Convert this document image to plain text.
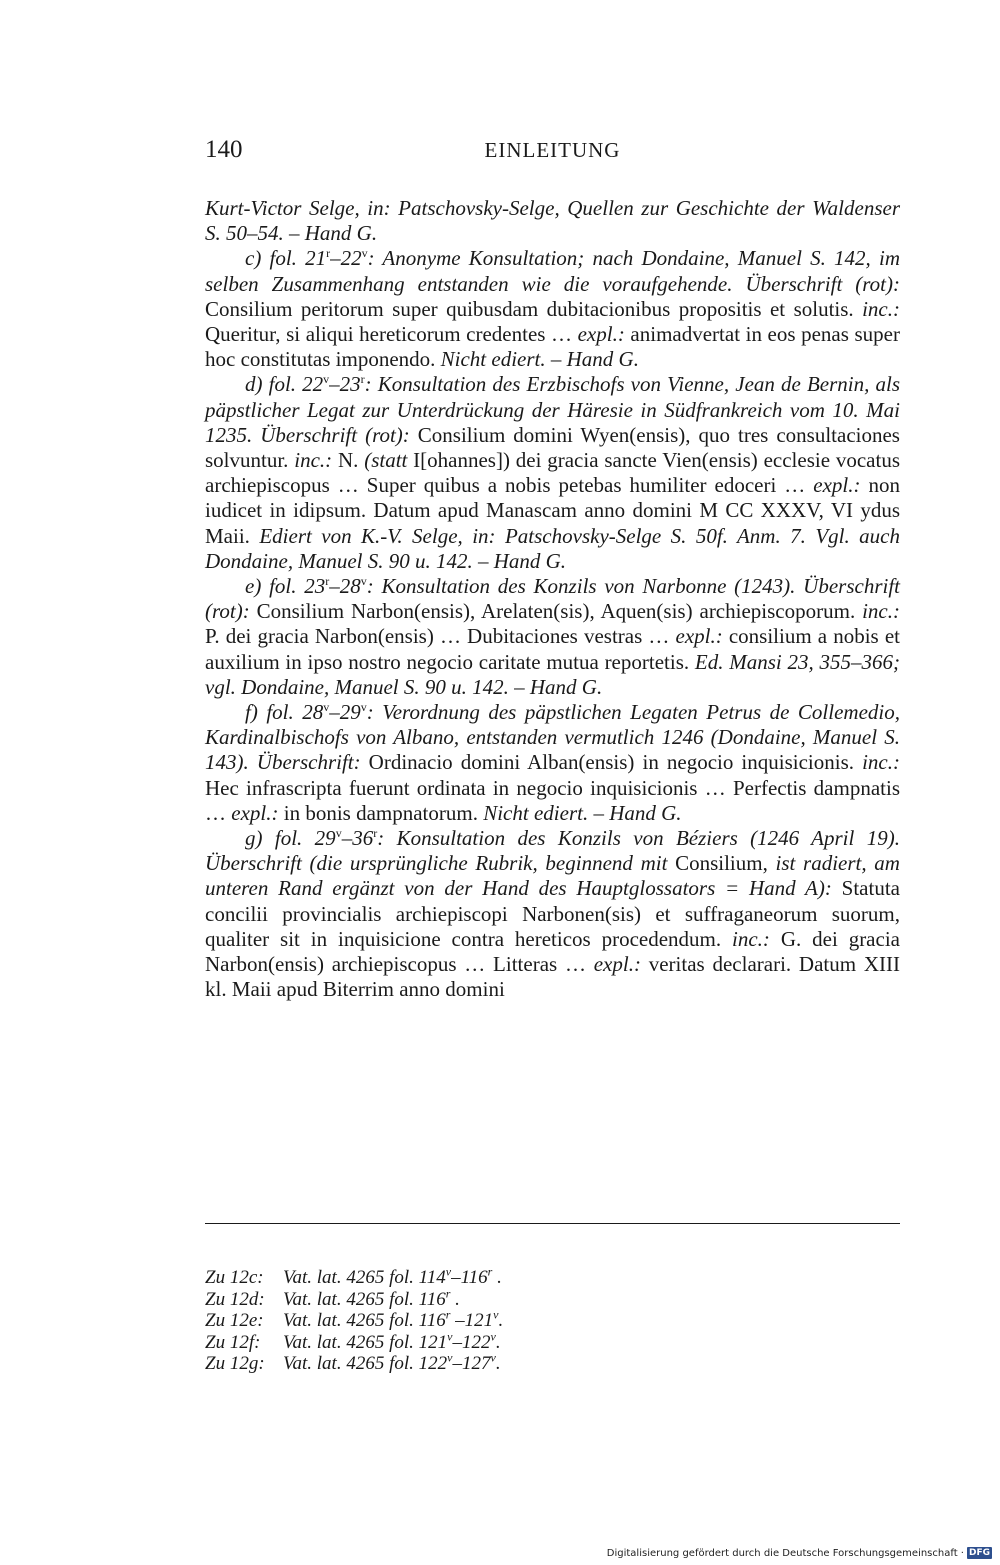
140	EINLEITUNG

Kurt-Victor Selge, in: Patschovsky-Selge, Quellen zur Geschichte der Waldenser S. 50–54. – Hand G.

c) fol. 21$^r$–22$^v$: Anonyme Konsultation; nach Dondaine, Manuel S. 142, im selben Zusammenhang entstanden wie die voraufgehende. Überschrift (rot): Consilium peritorum super quibusdam dubitacionibus propositis et solutis. inc.: Queritur, si aliqui hereticorum credentes … expl.: animadvertat in eos penas super hoc constitutas imponendo. Nicht ediert. – Hand G.

d) fol. 22$^v$–23$^r$: Konsultation des Erzbischofs von Vienne, Jean de Bernin, als päpstlicher Legat zur Unterdrückung der Häresie in Südfrankreich vom 10. Mai 1235. Überschrift (rot): Consilium domini Wyen(ensis), quo tres consultaciones solvuntur. inc.: N. (statt I[ohannes]) dei gracia sancte Vien(ensis) ecclesie vocatus archiepiscopus … Super quibus a nobis petebas humiliter edoceri … expl.: non iudicet in idipsum. Datum apud Manascam anno domini M CC XXXV, VI ydus Maii. Ediert von K.-V. Selge, in: Patschovsky-Selge S. 50f. Anm. 7. Vgl. auch Dondaine, Manuel S. 90 u. 142. – Hand G.

e) fol. 23$^r$–28$^v$: Konsultation des Konzils von Narbonne (1243). Überschrift (rot): Consilium Narbon(ensis), Arelaten(sis), Aquen(sis) archiepiscoporum. inc.: P. dei gracia Narbon(ensis) … Dubitaciones vestras … expl.: consilium a nobis et auxilium in ipso nostro negocio caritate mutua reportetis. Ed. Mansi 23, 355–366; vgl. Dondaine, Manuel S. 90 u. 142. – Hand G.

f) fol. 28$^v$–29$^v$: Verordnung des päpstlichen Legaten Petrus de Collemedio, Kardinalbischofs von Albano, entstanden vermutlich 1246 (Dondaine, Manuel S. 143). Überschrift: Ordinacio domini Alban(ensis) in negocio inquisicionis. inc.: Hec infrascripta fuerunt ordinata in negocio inquisicionis … Perfectis dampnatis … expl.: in bonis dampnatorum. Nicht ediert. – Hand G.

g) fol. 29$^v$–36$^r$: Konsultation des Konzils von Béziers (1246 April 19). Überschrift (die ursprüngliche Rubrik, beginnend mit Consilium, ist radiert, am unteren Rand ergänzt von der Hand des Hauptglossators = Hand A): Statuta concilii provincialis archiepiscopi Narbonen(sis) et suffraganeorum suorum, qualiter sit in inquisicione contra hereticos procedendum. inc.: G. dei gracia Narbon(ensis) archiepiscopus … Litteras … expl.: veritas declarari. Datum XIII kl. Maii apud Biterrim anno domini

Zu 12c:	Vat. lat. 4265 fol. 114$^v$–116$^r$ .
Zu 12d: Vat. lat. 4265 fol. 116$^r$ .
Zu 12e:	Vat. lat. 4265 fol. 116$^r$ –121$^v$.
Zu 12f:	Vat. lat. 4265 fol. 121$^v$–122$^v$.
Zu 12g: Vat. lat. 4265 fol. 122$^v$–127$^v$.
Digitalisierung gefördert durch die Deutsche Forschungsgemeinschaft · DFG
